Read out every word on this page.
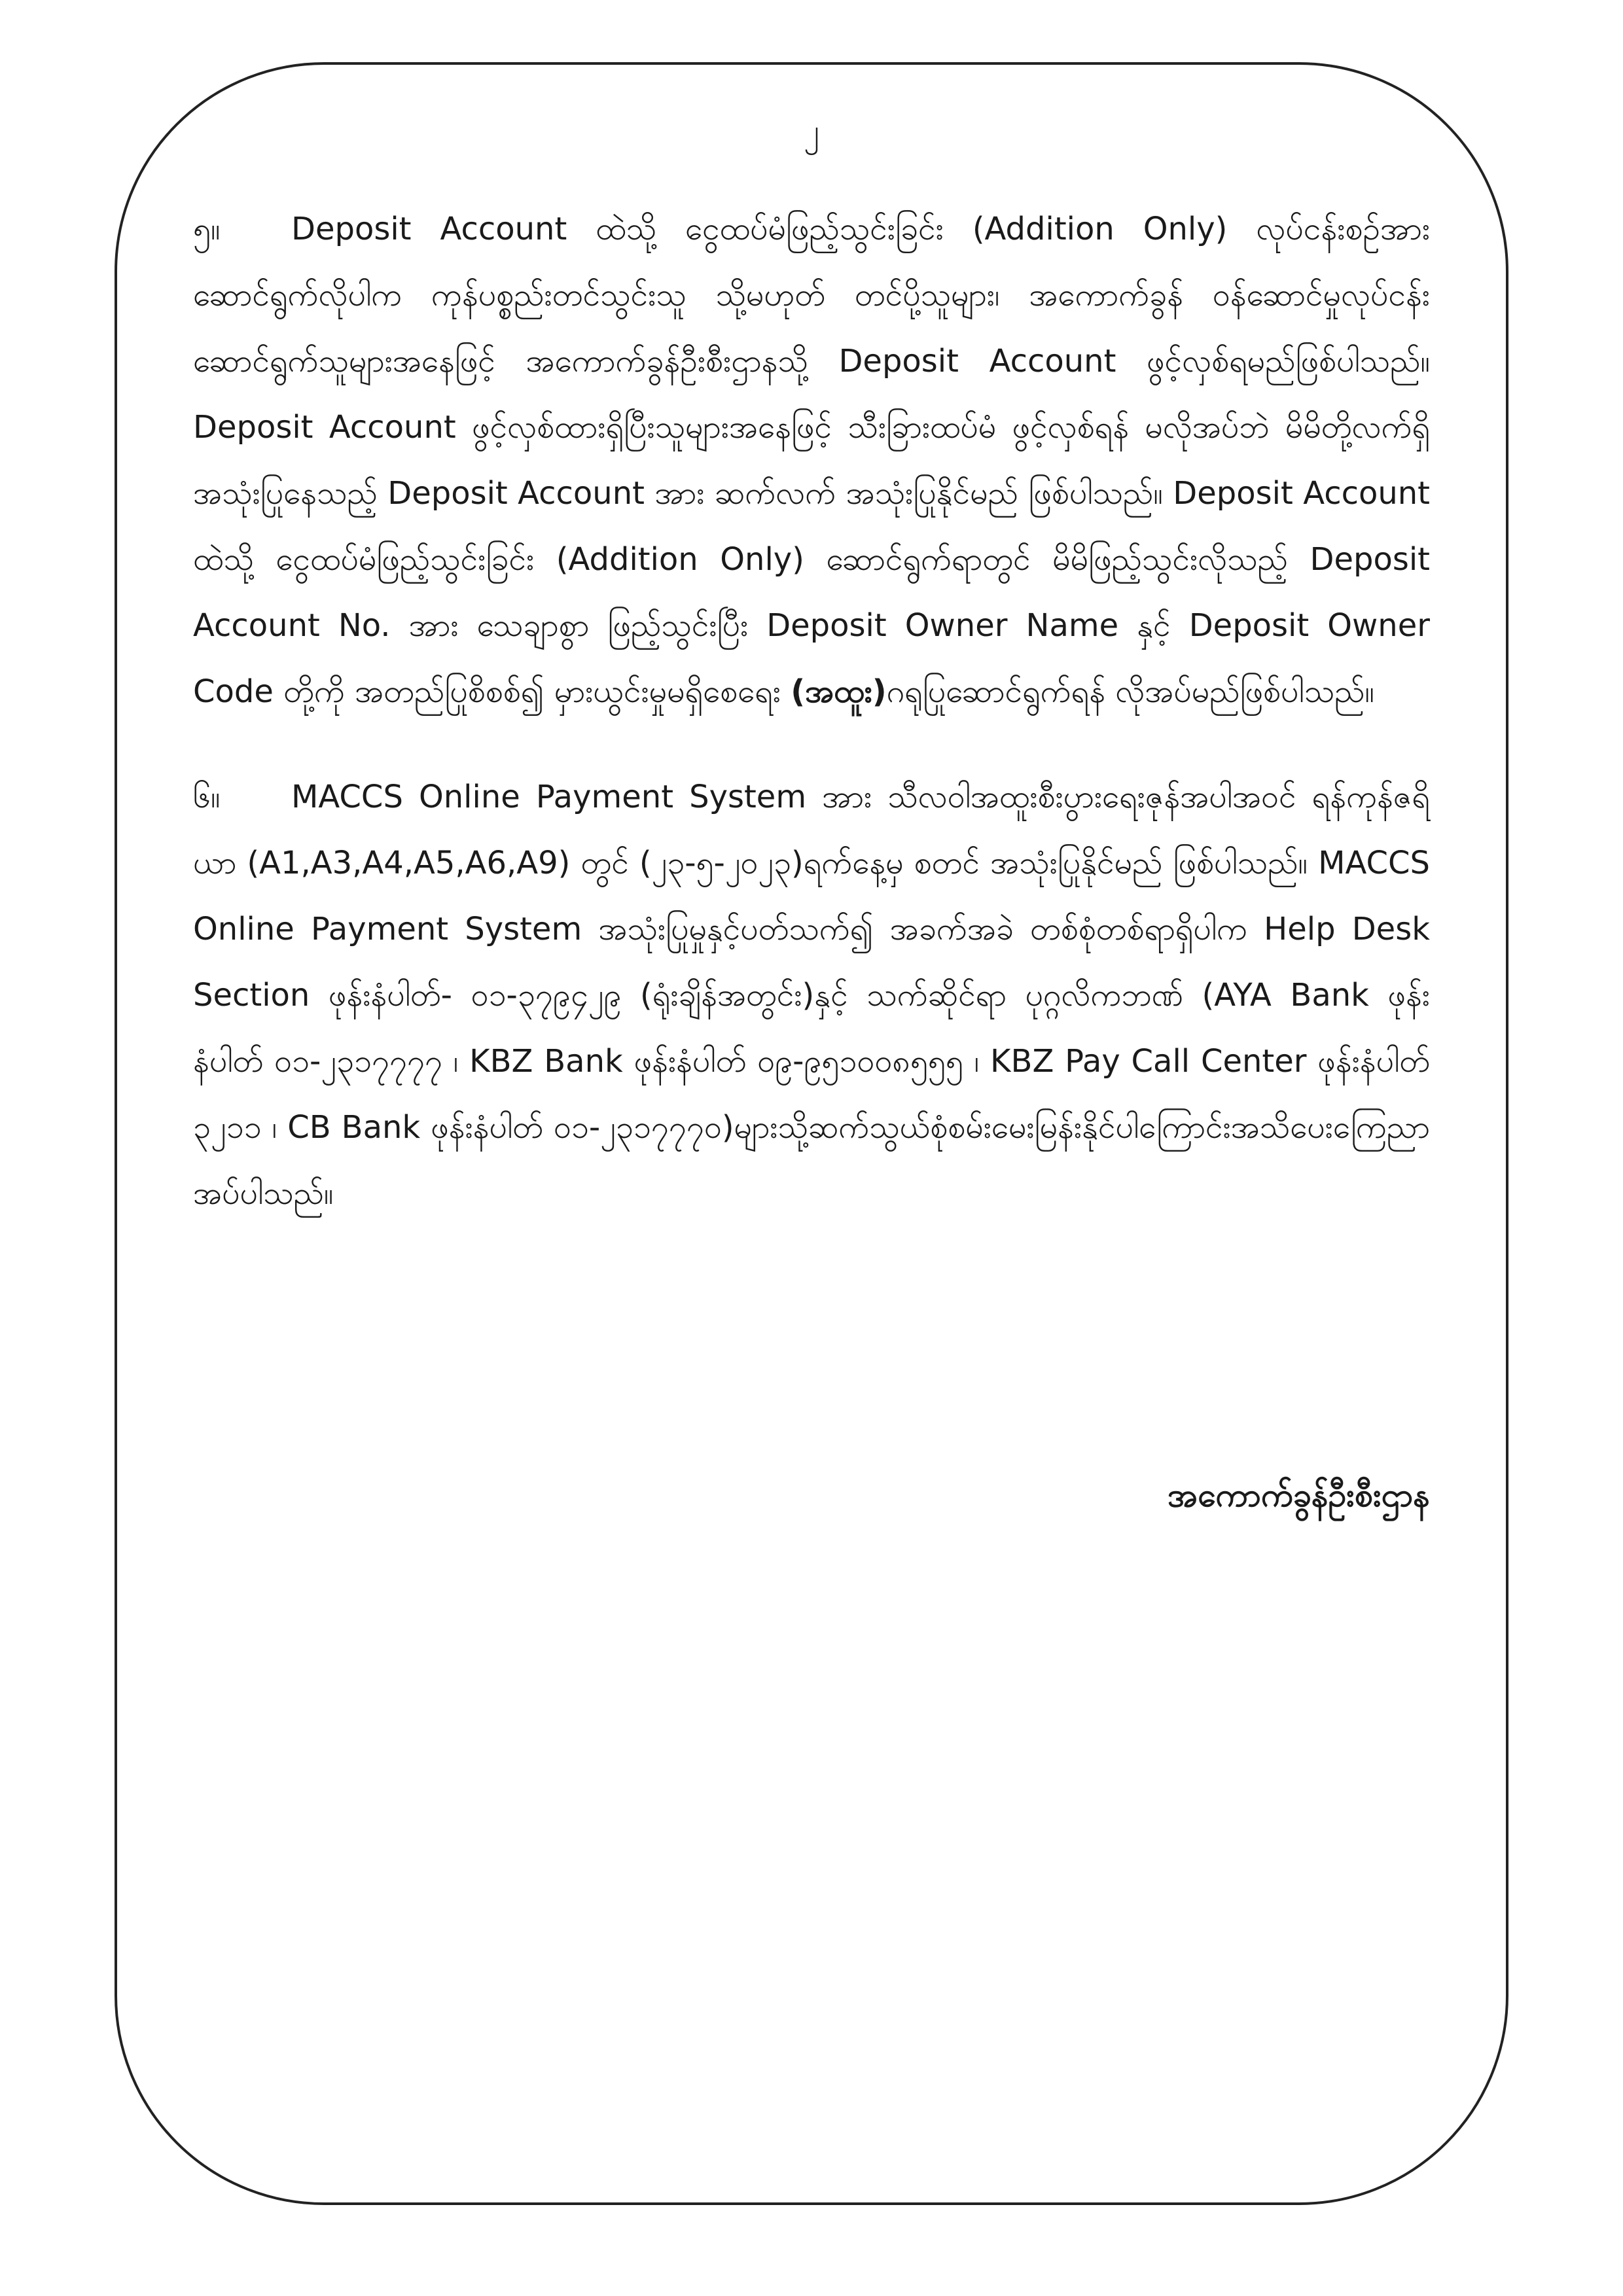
၂

၅။ Deposit Account ထဲသို့ ငွေထပ်မံဖြည့်သွင်းခြင်း (Addition Only) လုပ်ငန်းစဥ်အား ဆောင်ရွက်လိုပါက ကုန်ပစ္စည်းတင်သွင်းသူ သို့မဟုတ် တင်ပို့သူများ၊ အကောက်ခွန် ဝန်ဆောင်မှုလုပ်ငန်းဆောင်ရွက်သူများအနေဖြင့် အကောက်ခွန်ဦးစီးဌာနသို့ Deposit Account ဖွင့်လှစ်ရမည်ဖြစ်ပါသည်။ Deposit Account ဖွင့်လှစ်ထားရှိပြီးသူများအနေဖြင့် သီးခြားထပ်မံ ဖွင့်လှစ်ရန် မလိုအပ်ဘဲ မိမိတို့လက်ရှိအသုံးပြုနေသည့် Deposit Account အား ဆက်လက် အသုံးပြုနိုင်မည် ဖြစ်ပါသည်။ Deposit Account ထဲသို့ ငွေထပ်မံဖြည့်သွင်းခြင်း (Addition Only) ဆောင်ရွက်ရာတွင် မိမိဖြည့်သွင်းလိုသည့် Deposit Account No. အား သေချာစွာ ဖြည့်သွင်းပြီး Deposit Owner Name နှင့် Deposit Owner Code တို့ကို အတည်ပြုစိစစ်၍ မှားယွင်းမှုမရှိစေရေး (အထူး)ဂရုပြုဆောင်ရွက်ရန် လိုအပ်မည်ဖြစ်ပါသည်။

၆။ MACCS Online Payment System အား သီလဝါအထူးစီးပွားရေးဇုန်အပါအဝင် ရန်ကုန်ဇရိယာ (A1,A3,A4,A5,A6,A9) တွင် (၂၃-၅-၂၀၂၃)ရက်နေ့မှ စတင် အသုံးပြုနိုင်မည် ဖြစ်ပါသည်။ MACCS Online Payment System အသုံးပြုမှုနှင့်ပတ်သက်၍ အခက်အခဲ တစ်စုံတစ်ရာရှိပါက Help Desk Section ဖုန်းနံပါတ်- ၀၁-၃၇၉၄၂၉ (ရုံးချိန်အတွင်း)နှင့် သက်ဆိုင်ရာ ပုဂ္ဂလိကဘဏ် (AYA Bank ဖုန်းနံပါတ် ၀၁-၂၃၁၇၇၇၇ ၊ KBZ Bank ဖုန်းနံပါတ် ၀၉-၉၅၁၀၀၈၅၅၅ ၊ KBZ Pay Call Center ဖုန်းနံပါတ် ၃၂၁၁ ၊ CB Bank ဖုန်းနံပါတ် ၀၁-၂၃၁၇၇၇၀)များသို့ဆက်သွယ်စုံစမ်းမေးမြန်းနိုင်ပါကြောင်းအသိပေးကြေညာအပ်ပါသည်။

အကောက်ခွန်ဦးစီးဌာန
